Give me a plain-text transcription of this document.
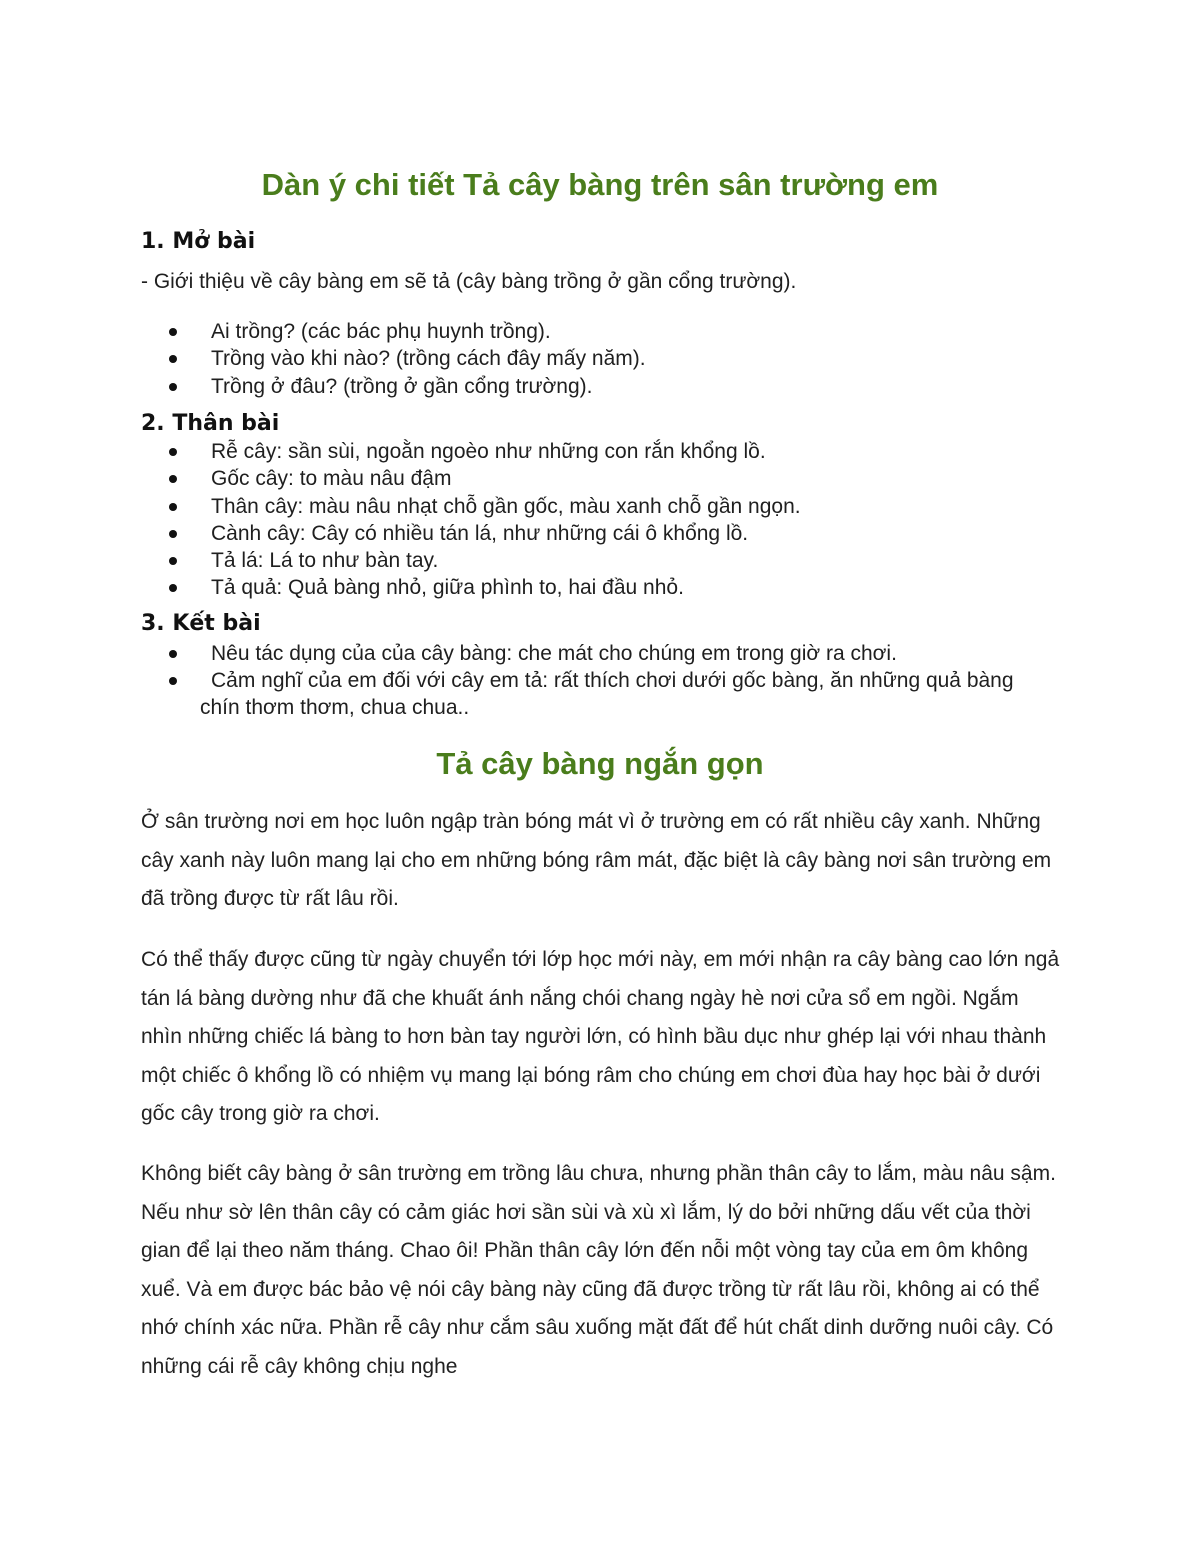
Dàn ý chi tiết Tả cây bàng trên sân trường em
1. Mở bài

- Giới thiệu về cây bàng em sẽ tả (cây bàng trồng ở gần cổng trường).

Ai trồng? (các bác phụ huynh trồng).
Trồng vào khi nào? (trồng cách đây mấy năm).
Trồng ở đâu? (trồng ở gần cổng trường).
2. Thân bài
Rễ cây: sần sùi, ngoằn ngoèo như những con rắn khổng lồ.
Gốc cây: to màu nâu đậm
Thân cây: màu nâu nhạt chỗ gần gốc, màu xanh chỗ gần ngọn.
Cành cây: Cây có nhiều tán lá, như những cái ô khổng lồ.
Tả lá: Lá to như bàn tay.
Tả quả: Quả bàng nhỏ, giữa phình to, hai đầu nhỏ.
3. Kết bài
Nêu tác dụng của của cây bàng: che mát cho chúng em trong giờ ra chơi.
Cảm nghĩ của em đối với cây em tả: rất thích chơi dưới gốc bàng, ăn những quả bàng chín thơm thơm, chua chua..
Tả cây bàng ngắn gọn

Ở sân trường nơi em học luôn ngập tràn bóng mát vì ở trường em có rất nhiều cây xanh. Những cây xanh này luôn mang lại cho em những bóng râm mát, đặc biệt là cây bàng nơi sân trường em đã trồng được từ rất lâu rồi.

Có thể thấy được cũng từ ngày chuyển tới lớp học mới này, em mới nhận ra cây bàng cao lớn ngả tán lá bàng dường như đã che khuất ánh nắng chói chang ngày hè nơi cửa sổ em ngồi. Ngắm nhìn những chiếc lá bàng to hơn bàn tay người lớn, có hình bầu dục như ghép lại với nhau thành một chiếc ô khổng lồ có nhiệm vụ mang lại bóng râm cho chúng em chơi đùa hay học bài ở dưới gốc cây trong giờ ra chơi.

Không biết cây bàng ở sân trường em trồng lâu chưa, nhưng phần thân cây to lắm, màu nâu sậm. Nếu như sờ lên thân cây có cảm giác hơi sần sùi và xù xì lắm, lý do bởi những dấu vết của thời gian để lại theo năm tháng. Chao ôi! Phần thân cây lớn đến nỗi một vòng tay của em ôm không xuể. Và em được bác bảo vệ nói cây bàng này cũng đã được trồng từ rất lâu rồi, không ai có thể nhớ chính xác nữa. Phần rễ cây như cắm sâu xuống mặt đất để hút chất dinh dưỡng nuôi cây. Có những cái rễ cây không chịu nghe
